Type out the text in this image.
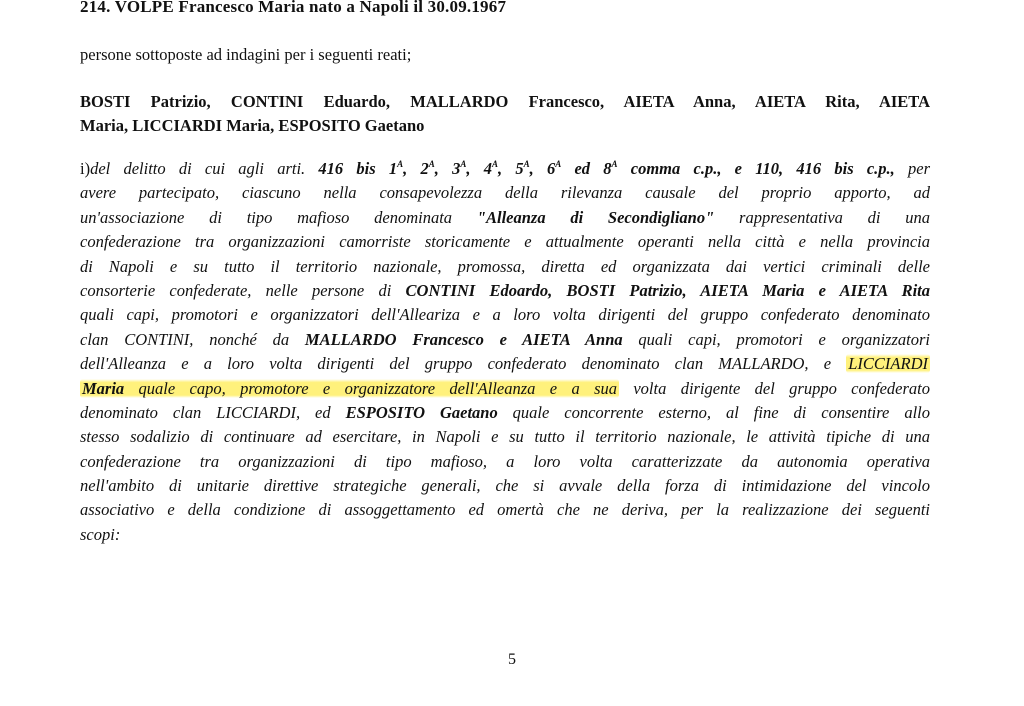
214. VOLPE Francesco Maria nato a Napoli il 30.09.1967
persone sottoposte ad indagini per i seguenti reati;
BOSTI Patrizio, CONTINI Eduardo, MALLARDO Francesco, AIETA Anna, AIETA Rita, AIETA
Maria, LICCIARDI Maria, ESPOSITO Gaetano
i)del delitto di cui agli arti. 416 bis $1^A$, $2^A$, $3^A$, $4^A$, $5^A$, $6^A$ ed $8^A$ comma c.p., e 110, 416 bis c.p., per
avere partecipato, ciascuno nella consapevolezza della rilevanza causale del proprio apporto, ad
un'associazione di tipo mafioso denominata "Alleanza di Secondigliano" rappresentativa di una
confederazione tra organizzazioni camorriste storicamente e attualmente operanti nella città e nella provincia
di Napoli e su tutto il territorio nazionale, promossa, diretta ed organizzata dai vertici criminali delle
consorterie confederate, nelle persone di CONTINI Edoardo, BOSTI Patrizio, AIETA Maria e AIETA Rita
quali capi, promotori e organizzatori dell'Alleariza e a loro volta dirigenti del gruppo confederato denominato
clan CONTINI, nonché da MALLARDO Francesco e AIETA Anna quali capi, promotori e organizzatori
dell'Alleanza e a loro volta dirigenti del gruppo confederato denominato clan MALLARDO, e LICCIARDI
Maria quale capo, promotore e organizzatore dell'Alleanza e a sua volta dirigente del gruppo confederato
denominato clan LICCIARDI, ed ESPOSITO Gaetano quale concorrente esterno, al fine di consentire allo
stesso sodalizio di continuare ad esercitare, in Napoli e su tutto il territorio nazionale, le attività tipiche di una
confederazione tra organizzazioni di tipo mafioso, a loro volta caratterizzate da autonomia operativa
nell'ambito di unitarie direttive strategiche generali, che si avvale della forza di intimidazione del vincolo
associativo e della condizione di assoggettamento ed omertà che ne deriva, per la realizzazione dei seguenti
scopi:
5
